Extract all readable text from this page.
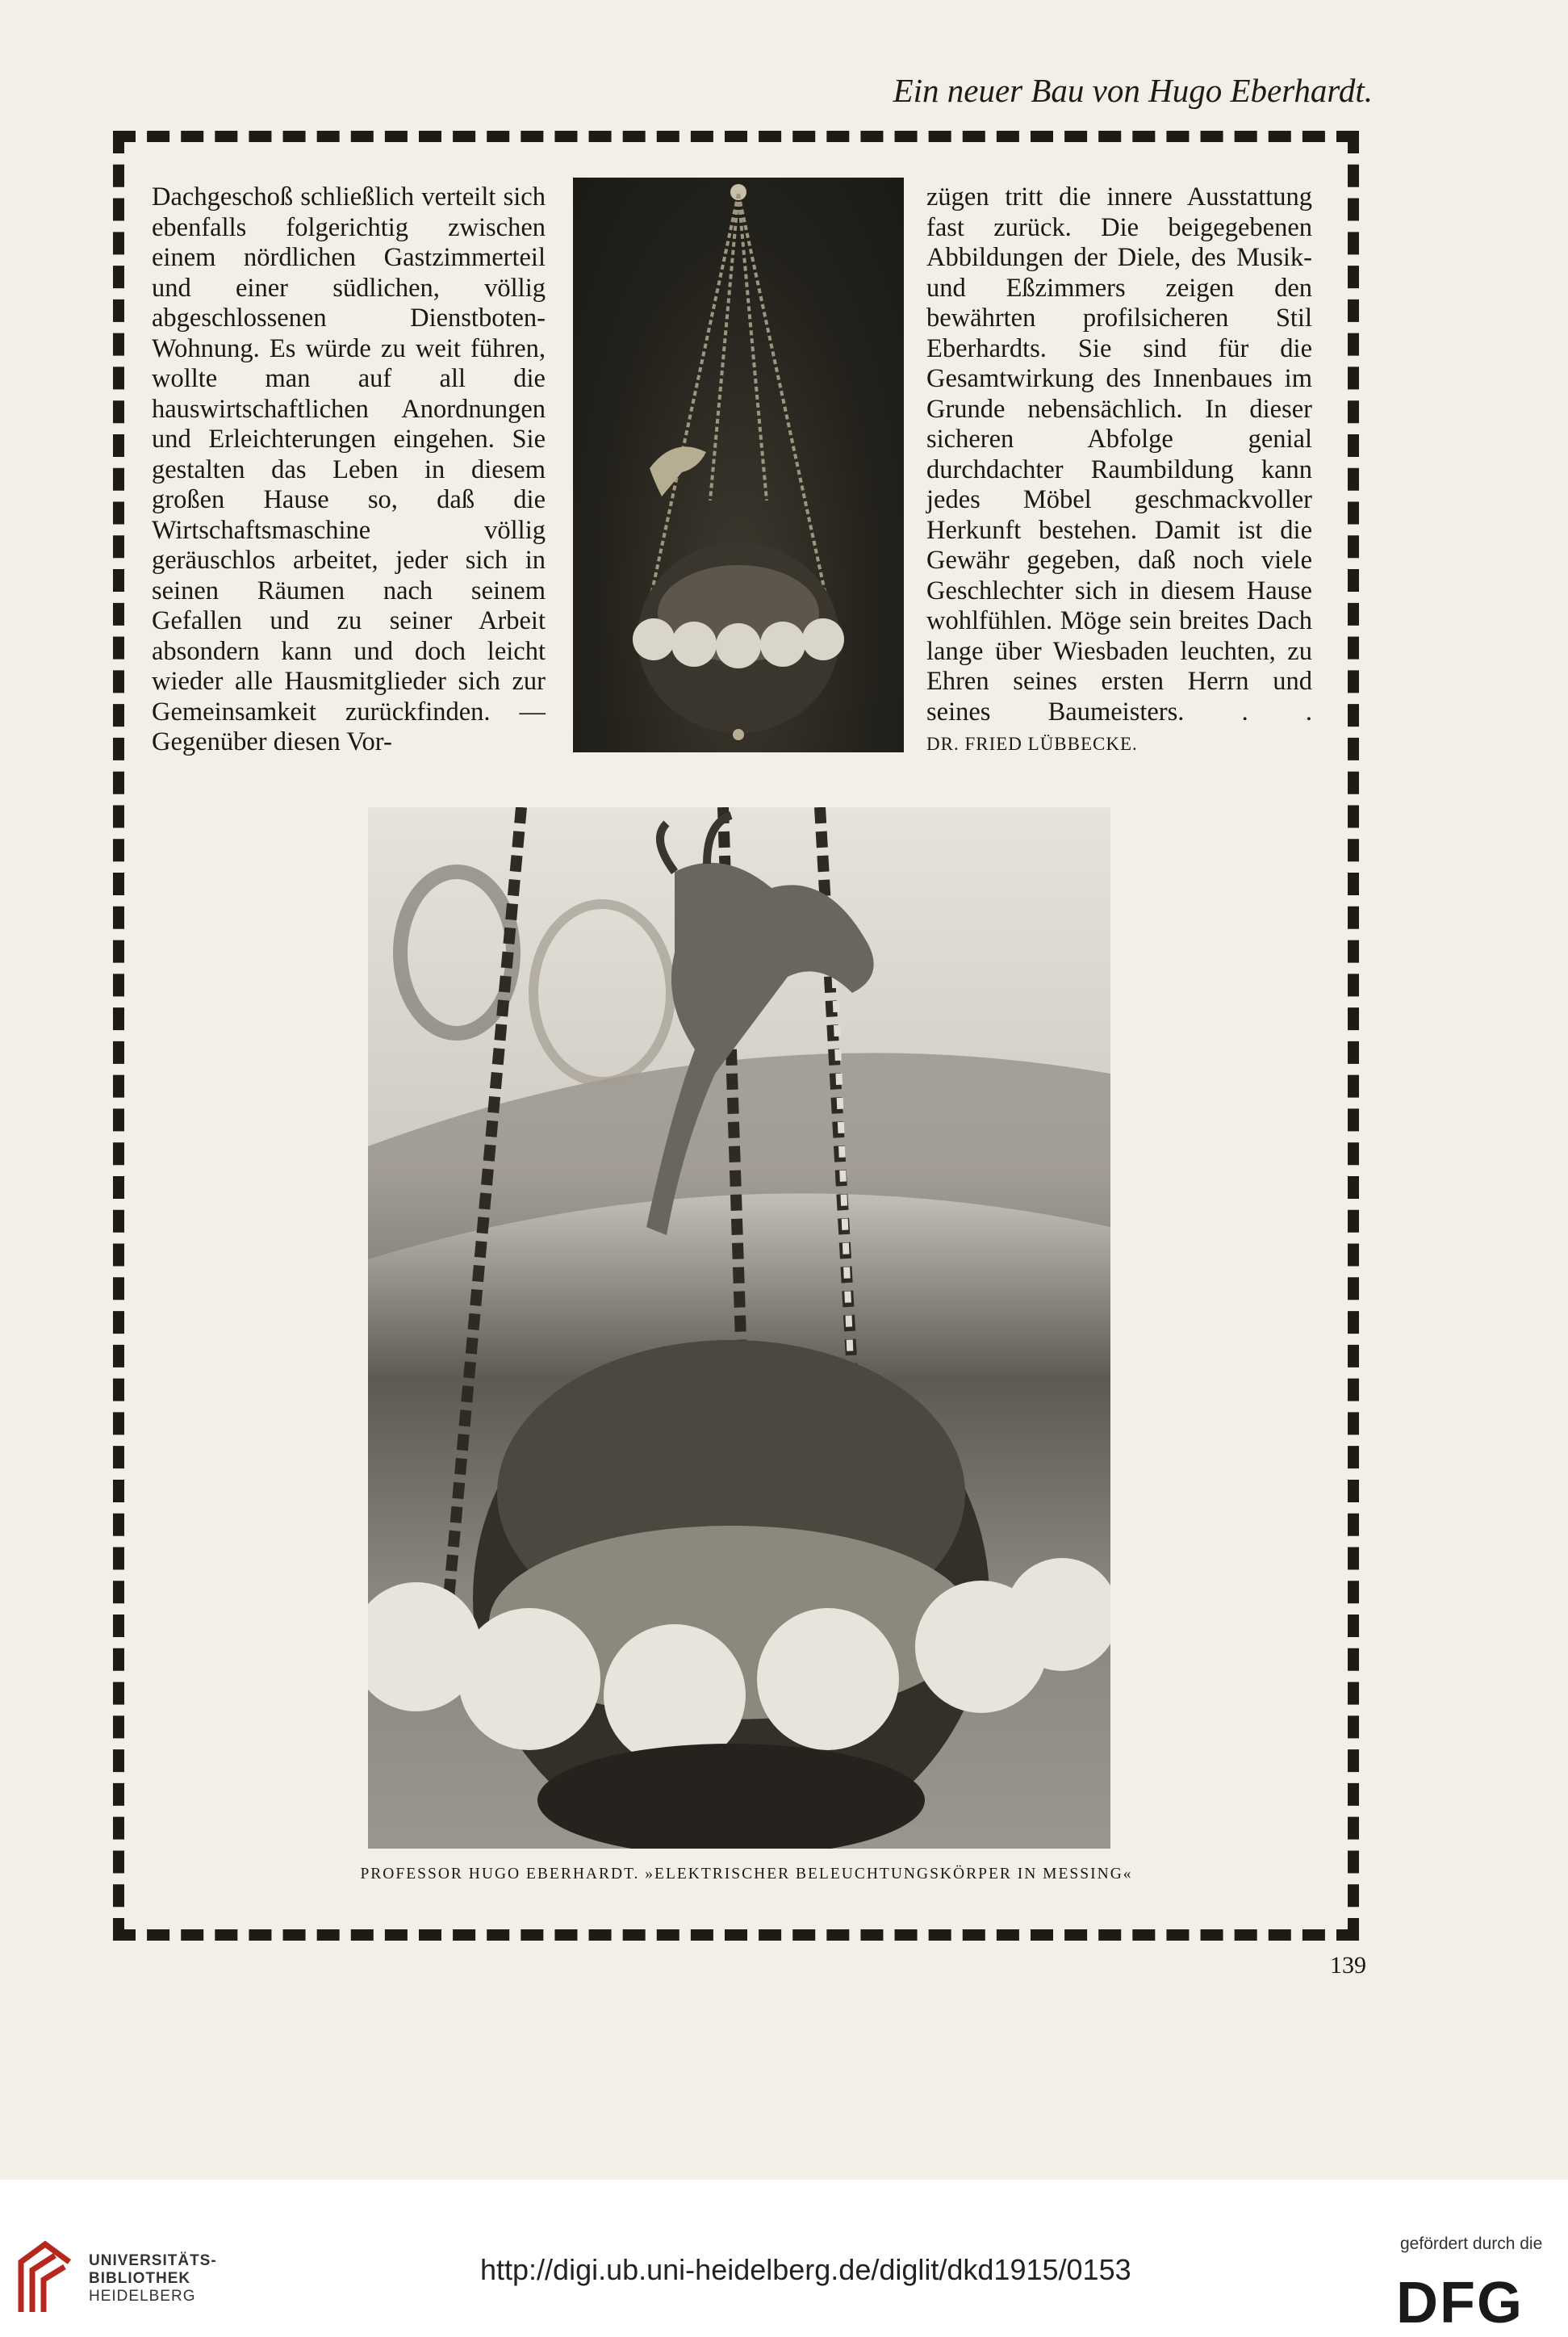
Ein neuer Bau von Hugo Eberhardt.

Dachgeschoß schließlich verteilt sich ebenfalls folgerichtig zwischen einem nördlichen Gastzimmerteil und einer südlichen, völlig abgeschlossenen Dienstboten-Wohnung. Es würde zu weit führen, wollte man auf all die hauswirtschaftlichen Anordnungen und Erleichterungen eingehen. Sie gestalten das Leben in diesem großen Hause so, daß die Wirtschaftsmaschine völlig geräuschlos arbeitet, jeder sich in seinen Räumen nach seinem Gefallen und zu seiner Arbeit absondern kann und doch leicht wieder alle Hausmitglieder sich zur Gemeinsamkeit zurückfinden. — Gegenüber diesen Vor-

zügen tritt die innere Ausstattung fast zurück. Die beigegebenen Abbildungen der Diele, des Musik- und Eßzimmers zeigen den bewährten profilsicheren Stil Eberhardts. Sie sind für die Gesamtwirkung des Innenbaues im Grunde nebensächlich. In dieser sicheren Abfolge genial durchdachter Raumbildung kann jedes Möbel geschmackvoller Herkunft bestehen. Damit ist die Gewähr gegeben, daß noch viele Geschlechter sich in diesem Hause wohlfühlen. Möge sein breites Dach lange über Wiesbaden leuchten, zu Ehren seines ersten Herrn und seines Baumeisters. . . DR. FRIED LÜBBECKE.

PROFESSOR HUGO EBERHARDT. »ELEKTRISCHER BELEUCHTUNGSKÖRPER IN MESSING«
139
UNIVERSITÄTS-
BIBLIOTHEK
HEIDELBERG
http://digi.ub.uni-heidelberg.de/diglit/dkd1915/0153
gefördert durch die
DFG
